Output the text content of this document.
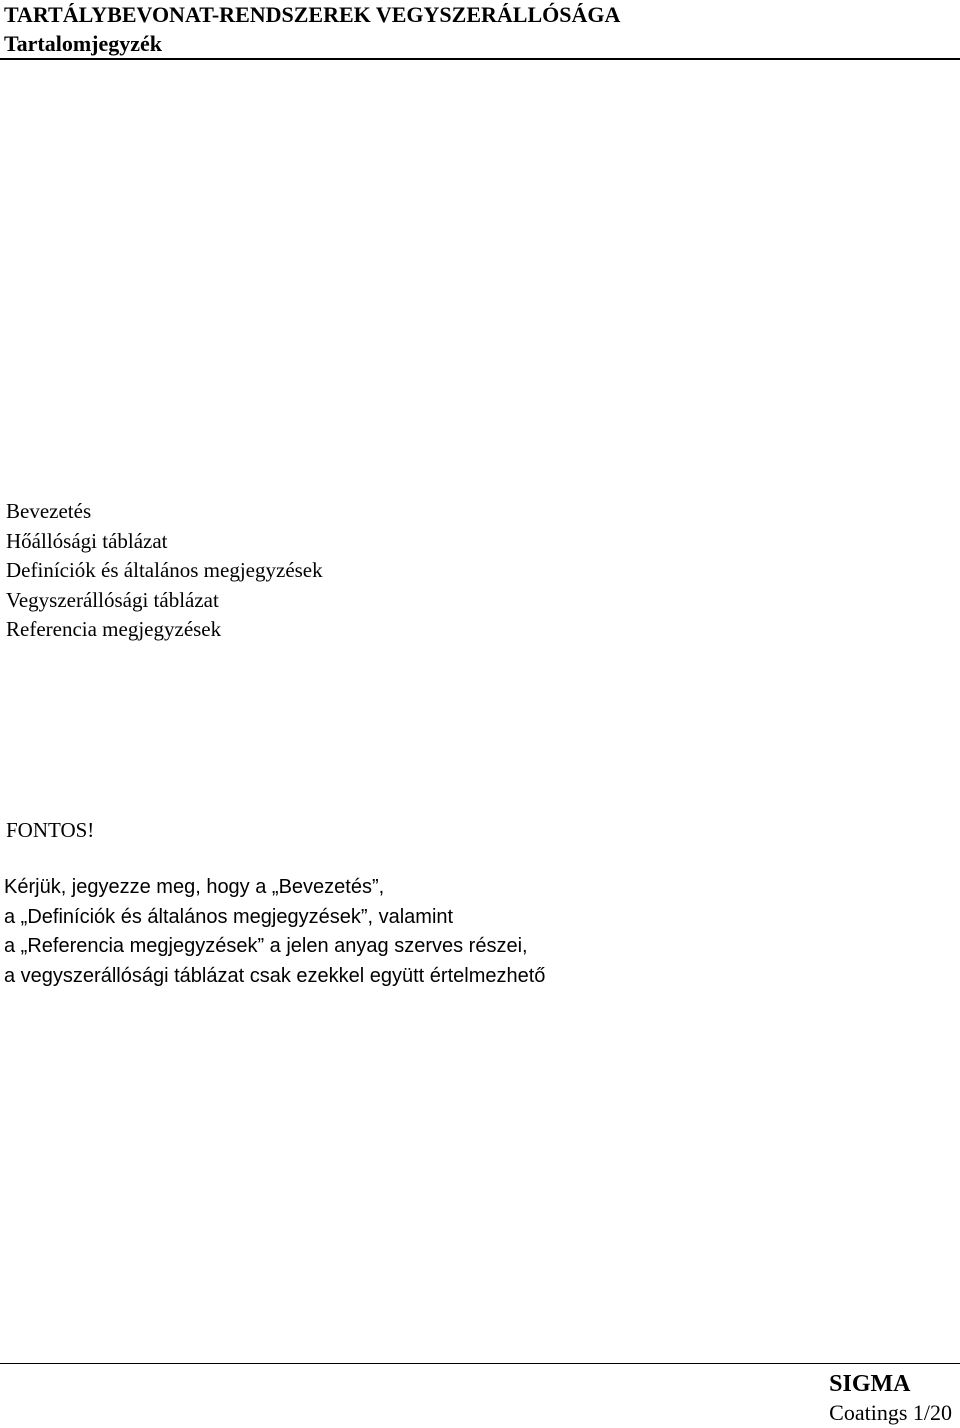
TARTÁLYBEVONAT-RENDSZEREK VEGYSZERÁLLÓSÁGA
Tartalomjegyzék
Bevezetés
Hőállósági táblázat
Definíciók és általános megjegyzések
Vegyszerállósági táblázat
Referencia megjegyzések

FONTOS!

Kérjük, jegyezze meg, hogy a „Bevezetés”,
a „Definíciók és általános megjegyzések”, valamint
a „Referencia megjegyzések” a jelen anyag szerves részei,
a vegyszerállósági táblázat csak ezekkel együtt értelmezhető

SIGMA
Coatings 1/20
